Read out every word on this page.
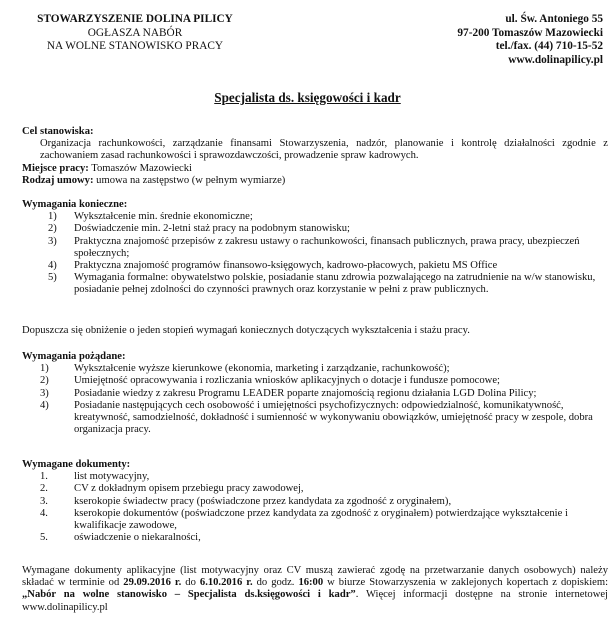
STOWARZYSZENIE DOLINA PILICY
OGŁASZA NABÓR
NA WOLNE STANOWISKO PRACY
ul. Św. Antoniego 55
97-200 Tomaszów Mazowiecki
tel./fax. (44) 710-15-52
www.dolinapilicy.pl
Specjalista ds. księgowości i kadr
Cel stanowiska:
Organizacja rachunkowości, zarządzanie finansami Stowarzyszenia, nadzór, planowanie i kontrolę działalności zgodnie z zachowaniem zasad rachunkowości i sprawozdawczości, prowadzenie spraw kadrowych.
Miejsce pracy: Tomaszów Mazowiecki
Rodzaj umowy: umowa na zastępstwo (w pełnym wymiarze)
Wymagania konieczne:
1) Wykształcenie min. średnie ekonomiczne;
2) Doświadczenie min. 2-letni staż pracy na podobnym stanowisku;
3) Praktyczna znajomość przepisów z zakresu ustawy o rachunkowości, finansach publicznych, prawa pracy, ubezpieczeń społecznych;
4) Praktyczna znajomość programów finansowo-księgowych, kadrowo-płacowych, pakietu MS Office
5) Wymagania formalne: obywatelstwo polskie, posiadanie stanu zdrowia pozwalającego na zatrudnienie na w/w stanowisku, posiadanie pełnej zdolności do czynności prawnych oraz korzystanie w pełni z praw publicznych.
Dopuszcza się obniżenie o jeden stopień wymagań koniecznych dotyczących wykształcenia i stażu pracy.
Wymagania pożądane:
1) Wykształcenie wyższe kierunkowe (ekonomia, marketing i zarządzanie, rachunkowość);
2) Umiejętność opracowywania i rozliczania wniosków aplikacyjnych o dotacje i fundusze pomocowe;
3) Posiadanie wiedzy z zakresu Programu LEADER poparte znajomością regionu działania LGD Dolina Pilicy;
4) Posiadanie następujących cech osobowość i umiejętności psychofizycznych: odpowiedzialność, komunikatywność, kreatywność, samodzielność, dokładność i sumienność w wykonywaniu obowiązków, umiejętność pracy w zespole, dobra organizacja pracy.
Wymagane dokumenty:
1. list motywacyjny,
2. CV z dokładnym opisem przebiegu pracy zawodowej,
3. kserokopie świadectw pracy (poświadczone przez kandydata za zgodność z oryginałem),
4. kserokopie dokumentów (poświadczone przez kandydata za zgodność z oryginałem) potwierdzające wykształcenie i kwalifikacje zawodowe,
5. oświadczenie o niekaralności,
Wymagane dokumenty aplikacyjne (list motywacyjny oraz CV muszą zawierać zgodę na przetwarzanie danych osobowych) należy składać w terminie od 29.09.2016 r. do 6.10.2016 r. do godz. 16:00 w biurze Stowarzyszenia w zaklejonych kopertach z dopiskiem: „Nabór na wolne stanowisko – Specjalista ds.księgowości i kadr”. Więcej informacji dostępne na stronie internetowej www.dolinapilicy.pl
